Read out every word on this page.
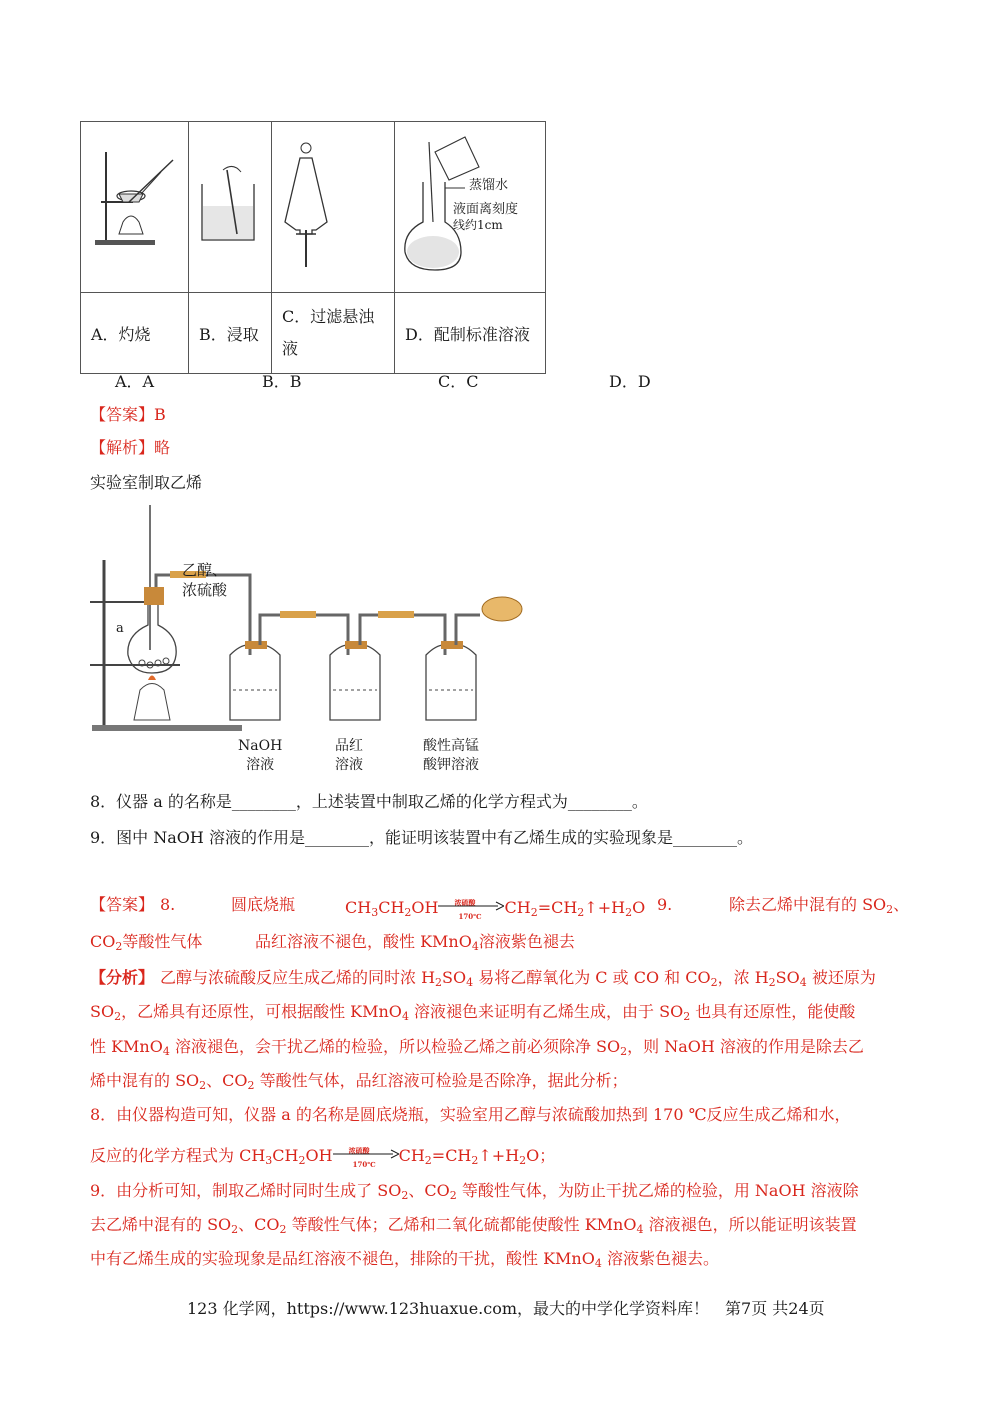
蒸馏水
液面离刻度
线约1cm

A．灼烧	B．浸取	C．过滤悬浊
液	D．配制标准溶液
A．A	B．B	C．C	D．D
【答案】B
【解析】略
实验室制取乙烯
乙醇、
浓硫酸
a
NaOH
溶液
品红
溶液
酸性高锰
酸钾溶液
8．仪器 a 的名称是________，上述装置中制取乙烯的化学方程式为________。
9．图中 NaOH 溶液的作用是________，能证明该装置中有乙烯生成的实验现象是________。
【答案】 8.	圆底烧瓶	$CH_3CH_2OH$ 浓硫酸
170℃ $CH_2=CH_2↑+H_2O$ 9.	除去乙烯中混有的 $SO_2$、
$CO_2$等酸性气体	品红溶液不褪色，酸性 KMnO$_4$溶液紫色褪去
【分析】 乙醇与浓硫酸反应生成乙烯的同时浓 $H_2SO_4$ 易将乙醇氧化为 C 或 CO 和 $CO_2$，浓 $H_2SO_4$ 被还原为
$SO_2$，乙烯具有还原性，可根据酸性 KMnO$_4$ 溶液褪色来证明有乙烯生成，由于 $SO_2$ 也具有还原性，能使酸
性 KMnO$_4$ 溶液褪色，会干扰乙烯的检验，所以检验乙烯之前必须除净 $SO_2$，则 NaOH 溶液的作用是除去乙
烯中混有的 $SO_2$、$CO_2$ 等酸性气体，品红溶液可检验是否除净，据此分析；
8．由仪器构造可知，仪器 a 的名称是圆底烧瓶，实验室用乙醇与浓硫酸加热到 170 ℃反应生成乙烯和水，
反应的化学方程式为 $CH_3CH_2OH$ 浓硫酸
170℃ $CH_2=CH_2↑+H_2O$；
9．由分析可知，制取乙烯时同时生成了 $SO_2$、$CO_2$ 等酸性气体，为防止干扰乙烯的检验，用 NaOH 溶液除
去乙烯中混有的 $SO_2$、$CO_2$ 等酸性气体；乙烯和二氧化硫都能使酸性 KMnO$_4$ 溶液褪色，所以能证明该装置
中有乙烯生成的实验现象是品红溶液不褪色，排除的干扰，酸性 KMnO$_4$ 溶液紫色褪去。
123 化学网，https://www.123huaxue.com，最大的中学化学资料库！　第7页 共24页
